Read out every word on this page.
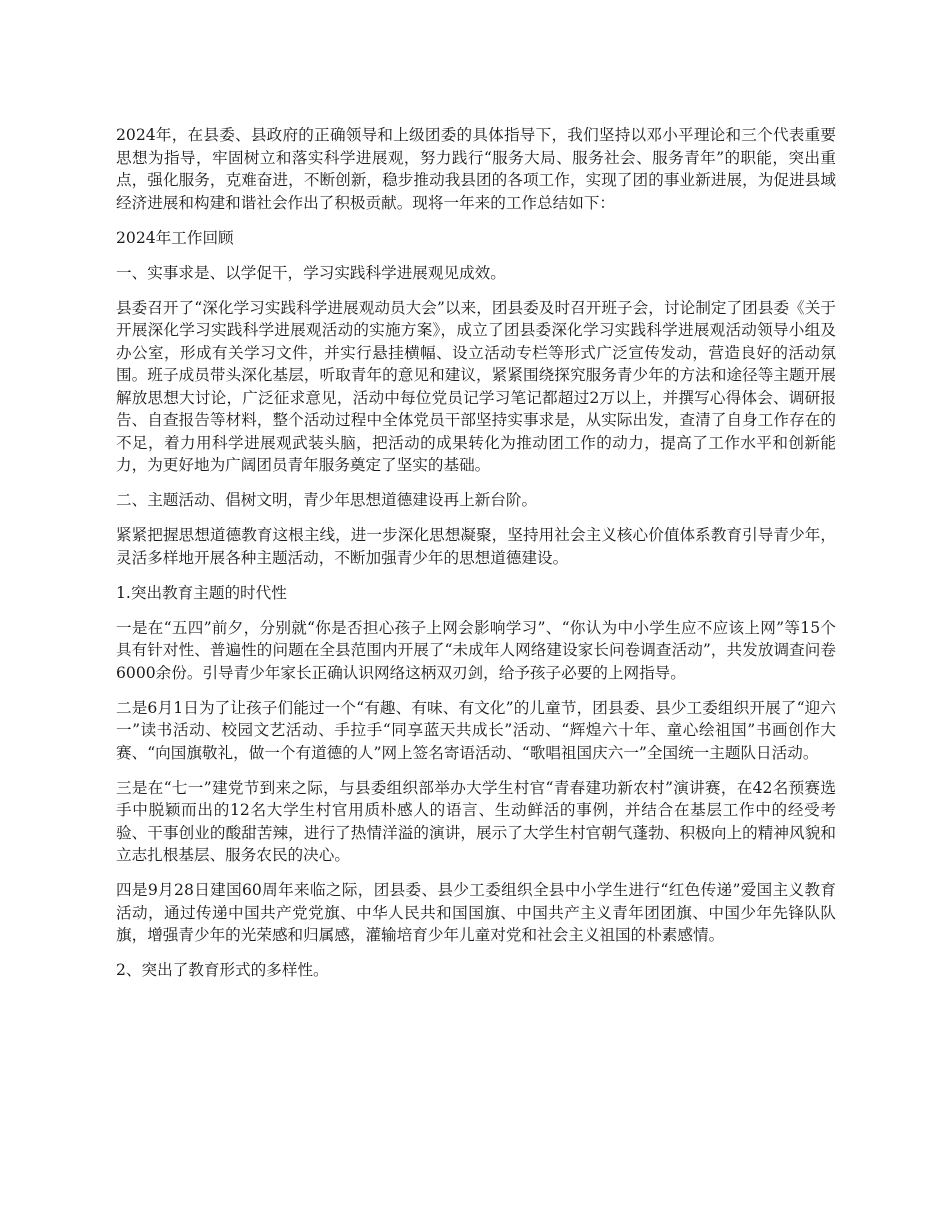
2024年，在县委、县政府的正确领导和上级团委的具体指导下，我们坚持以邓小平理论和三个代表重要思想为指导，牢固树立和落实科学进展观，努力践行“服务大局、服务社会、服务青年”的职能，突出重点，强化服务，克难奋进，不断创新，稳步推动我县团的各项工作，实现了团的事业新进展，为促进县域经济进展和构建和谐社会作出了积极贡献。现将一年来的工作总结如下：

2024年工作回顾

一、实事求是、以学促干，学习实践科学进展观见成效。

县委召开了“深化学习实践科学进展观动员大会”以来，团县委及时召开班子会，讨论制定了团县委《关于开展深化学习实践科学进展观活动的实施方案》，成立了团县委深化学习实践科学进展观活动领导小组及办公室，形成有关学习文件，并实行悬挂横幅、设立活动专栏等形式广泛宣传发动，营造良好的活动氛围。班子成员带头深化基层，听取青年的意见和建议，紧紧围绕探究服务青少年的方法和途径等主题开展解放思想大讨论，广泛征求意见，活动中每位党员记学习笔记都超过2万以上，并撰写心得体会、调研报告、自查报告等材料，整个活动过程中全体党员干部坚持实事求是，从实际出发，查清了自身工作存在的不足，着力用科学进展观武装头脑，把活动的成果转化为推动团工作的动力，提高了工作水平和创新能力，为更好地为广阔团员青年服务奠定了坚实的基础。

二、主题活动、倡树文明，青少年思想道德建设再上新台阶。

紧紧把握思想道德教育这根主线，进一步深化思想凝聚，坚持用社会主义核心价值体系教育引导青少年，灵活多样地开展各种主题活动，不断加强青少年的思想道德建设。

1.突出教育主题的时代性

一是在“五四”前夕，分别就“你是否担心孩子上网会影响学习”、“你认为中小学生应不应该上网”等15个具有针对性、普遍性的问题在全县范围内开展了“未成年人网络建设家长问卷调查活动”，共发放调查问卷6000余份。引导青少年家长正确认识网络这柄双刃剑，给予孩子必要的上网指导。

二是6月1日为了让孩子们能过一个“有趣、有味、有文化”的儿童节，团县委、县少工委组织开展了“迎六一”读书活动、校园文艺活动、手拉手“同享蓝天共成长”活动、“辉煌六十年、童心绘祖国”书画创作大赛、“向国旗敬礼，做一个有道德的人”网上签名寄语活动、“歌唱祖国庆六一”全国统一主题队日活动。

三是在“七一”建党节到来之际，与县委组织部举办大学生村官“青春建功新农村”演讲赛，在42名预赛选手中脱颖而出的12名大学生村官用质朴感人的语言、生动鲜活的事例，并结合在基层工作中的经受考验、干事创业的酸甜苦辣，进行了热情洋溢的演讲，展示了大学生村官朝气蓬勃、积极向上的精神风貌和立志扎根基层、服务农民的决心。

四是9月28日建国60周年来临之际，团县委、县少工委组织全县中小学生进行“红色传递”爱国主义教育活动，通过传递中国共产党党旗、中华人民共和国国旗、中国共产主义青年团团旗、中国少年先锋队队旗，增强青少年的光荣感和归属感，灌输培育少年儿童对党和社会主义祖国的朴素感情。

2、突出了教育形式的多样性。
